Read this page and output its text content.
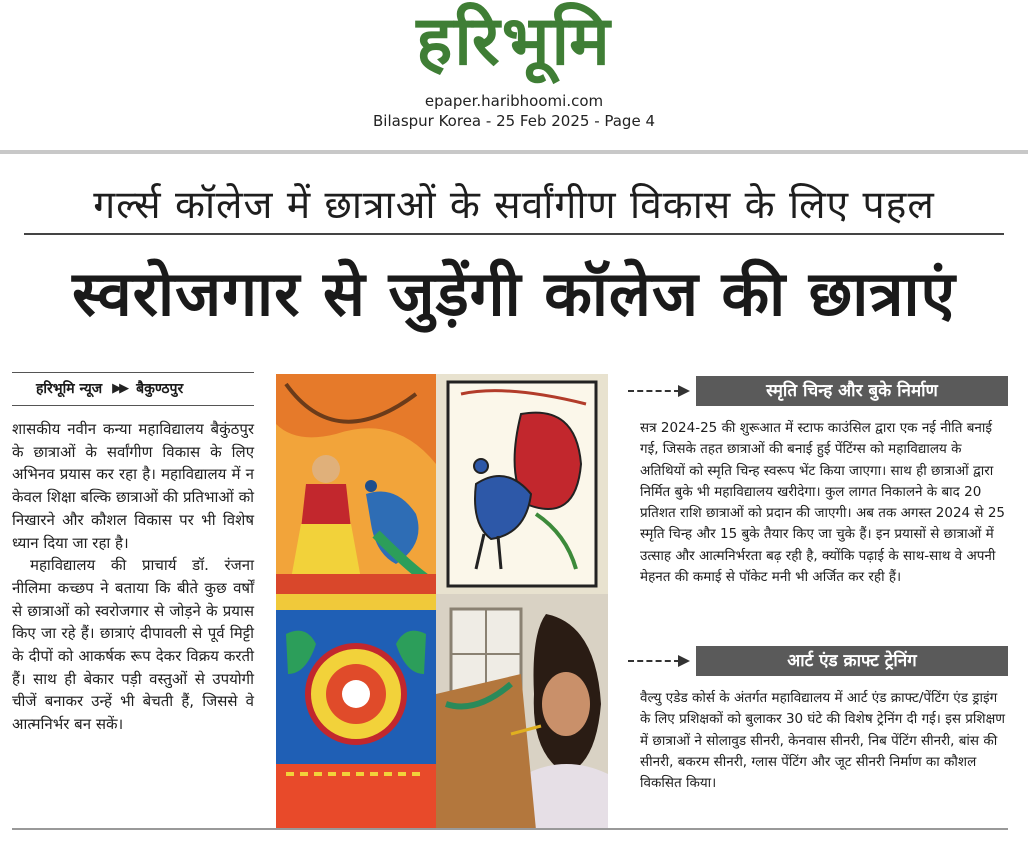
हरिभूमि
epaper.haribhoomi.com
Bilaspur Korea - 25 Feb 2025 - Page 4
गर्ल्स कॉलेज में छात्राओं के सर्वांगीण विकास के लिए पहल
स्वरोजगार से जुड़ेंगी कॉलेज की छात्राएं
हरिभूमि न्यूज ▶▶ बैकुण्ठपुर

शासकीय नवीन कन्या महाविद्यालय बैकुंठपुर के छात्राओं के सर्वांगीण विकास के लिए अभिनव प्रयास कर रहा है। महाविद्यालय में न केवल शिक्षा बल्कि छात्राओं की प्रतिभाओं को निखारने और कौशल विकास पर भी विशेष ध्यान दिया जा रहा है।

महाविद्यालय की प्राचार्य डॉ. रंजना नीलिमा कच्छप ने बताया कि बीते कुछ वर्षों से छात्राओं को स्वरोजगार से जोड़ने के प्रयास किए जा रहे हैं। छात्राएं दीपावली से पूर्व मिट्टी के दीपों को आकर्षक रूप देकर विक्रय करती हैं। साथ ही बेकार पड़ी वस्तुओं से उपयोगी चीजें बनाकर उन्हें भी बेचती हैं, जिससे वे आत्मनिर्भर बन सकें।

स्मृति चिन्ह और बुके निर्माण
सत्र 2024-25 की शुरूआत में स्टाफ काउंसिल द्वारा एक नई नीति बनाई गई, जिसके तहत छात्राओं की बनाई हुई पेंटिंग्स को महाविद्यालय के अतिथियों को स्मृति चिन्ह स्वरूप भेंट किया जाएगा। साथ ही छात्राओं द्वारा निर्मित बुके भी महाविद्यालय खरीदेगा। कुल लागत निकालने के बाद 20 प्रतिशत राशि छात्राओं को प्रदान की जाएगी। अब तक अगस्त 2024 से 25 स्मृति चिन्ह और 15 बुके तैयार किए जा चुके हैं। इन प्रयासों से छात्राओं में उत्साह और आत्मनिर्भरता बढ़ रही है, क्योंकि पढ़ाई के साथ-साथ वे अपनी मेहनत की कमाई से पॉकेट मनी भी अर्जित कर रही हैं।
आर्ट एंड क्राफ्ट ट्रेनिंग
वैल्यु एडेड कोर्स के अंतर्गत महाविद्यालय में आर्ट एंड क्राफ्ट/पेंटिंग एंड ड्राइंग के लिए प्रशिक्षकों को बुलाकर 30 घंटे की विशेष ट्रेनिंग दी गई। इस प्रशिक्षण में छात्राओं ने सोलावुड सीनरी, केनवास सीनरी, निब पेंटिंग सीनरी, बांस की सीनरी, बकरम सीनरी, ग्लास पेंटिंग और जूट सीनरी निर्माण का कौशल विकसित किया।
